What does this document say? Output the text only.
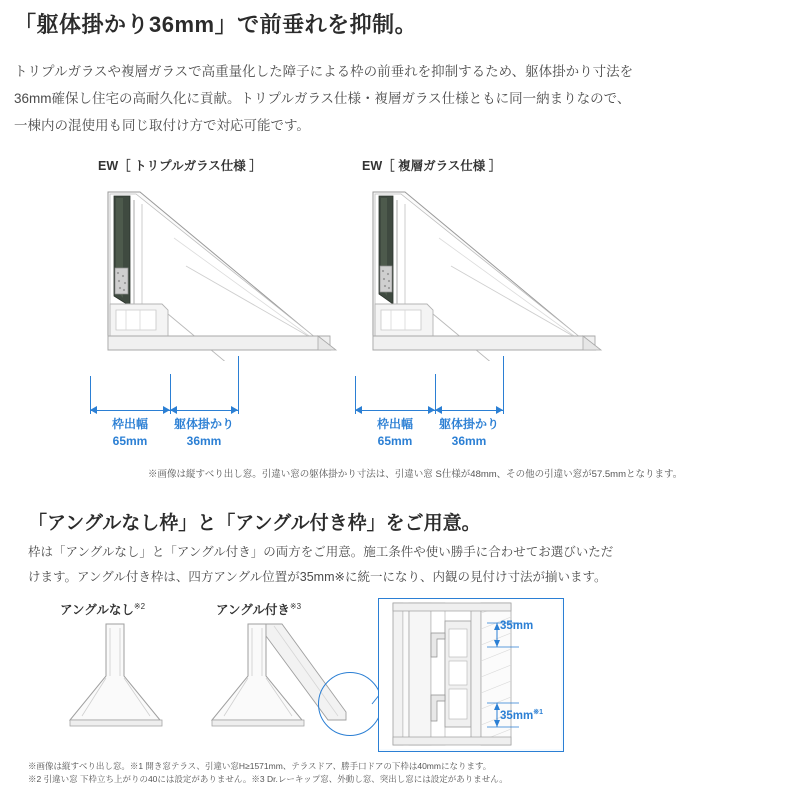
「躯体掛かり36mm」で前垂れを抑制。
トリプルガラスや複層ガラスで高重量化した障子による枠の前垂れを抑制するため、躯体掛かり寸法を
36mm確保し住宅の高耐久化に貢献。トリプルガラス仕様・複層ガラス仕様ともに同一納まりなので、
一棟内の混使用も同じ取付け方で対応可能です。
EW［ トリプルガラス仕様 ］	EW［ 複層ガラス仕様 ］
枠出幅
65mm
躯体掛かり
36mm
枠出幅
65mm
躯体掛かり
36mm
※画像は縦すべり出し窓。引違い窓の躯体掛かり寸法は、引違い窓 S仕様が48mm、その他の引違い窓が57.5mmとなります。
「アングルなし枠」と「アングル付き枠」をご用意。
枠は「アングルなし」と「アングル付き」の両方をご用意。施工条件や使い勝手に合わせてお選びいただ
けます。アングル付き枠は、四方アングル位置が35mm※に統一になり、内観の見付け寸法が揃います。
アングルなし$^{※2}$	アングル付き$^{※3}$
35mm
$35mm^{※1}$
※画像は縦すべり出し窓。※1 開き窓テラス、引違い窓H≥1571mm、テラスドア、勝手口ドアの下枠は40mmになります。
※2 引違い窓 下枠立ち上がりの40には設定がありません。※3 Dr.レーキップ窓、外動し窓、突出し窓には設定がありません。
